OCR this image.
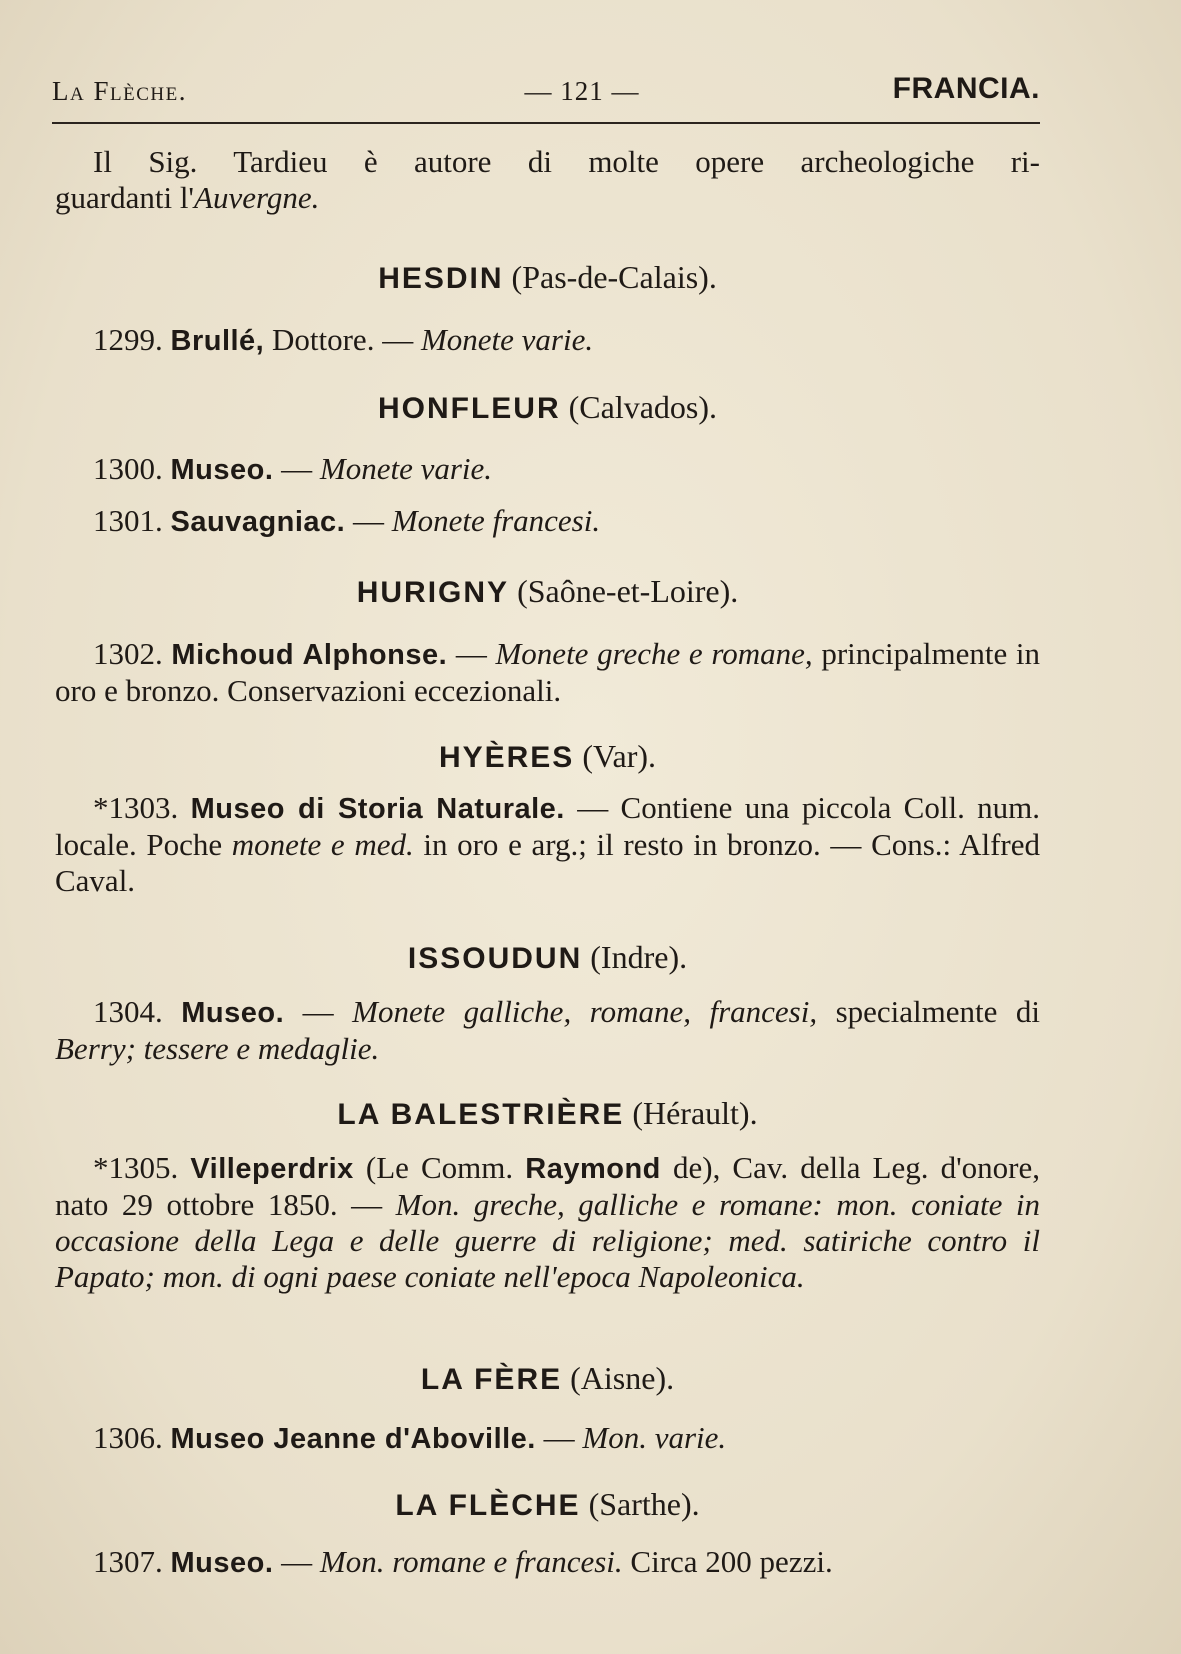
La Flèche.	— 121 —	FRANCIA.

Il Sig. Tardieu è autore di molte opere archeologiche ri-

guardanti l'Auvergne.

HESDIN (Pas-de-Calais).

1299. Brullé, Dottore. — Monete varie.

HONFLEUR (Calvados).

1300. Museo. — Monete varie.

1301. Sauvagniac. — Monete francesi.

HURIGNY (Saône-et-Loire).

1302. Michoud Alphonse. — Monete greche e romane, principalmente in oro e bronzo. Conservazioni eccezionali.

HYÈRES (Var).

*1303. Museo di Storia Naturale. — Contiene una piccola Coll. num. locale. Poche monete e med. in oro e arg.; il resto in bronzo. — Cons.: Alfred Caval.

ISSOUDUN (Indre).

1304. Museo. — Monete galliche, romane, francesi, specialmente di Berry; tessere e medaglie.

LA BALESTRIÈRE (Hérault).

*1305. Villeperdrix (Le Comm. Raymond de), Cav. della Leg. d'onore, nato 29 ottobre 1850. — Mon. greche, galliche e romane: mon. coniate in occasione della Lega e delle guerre di religione; med. satiriche contro il Papato; mon. di ogni paese coniate nell'epoca Napoleonica.

LA FÈRE (Aisne).

1306. Museo Jeanne d'Aboville. — Mon. varie.

LA FLÈCHE (Sarthe).

1307. Museo. — Mon. romane e francesi. Circa 200 pezzi.
